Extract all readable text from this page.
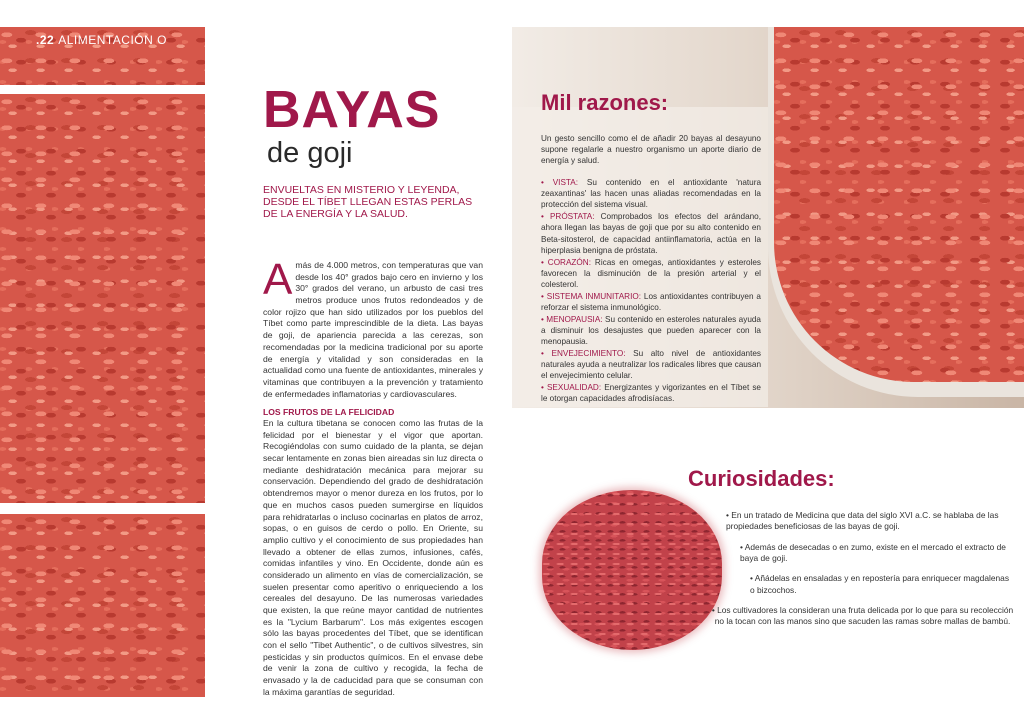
.22 ALIMENTACIÓN O
BAYAS
de goji
ENVUELTAS EN MISTERIO Y LEYENDA, DESDE EL TÍBET LLEGAN ESTAS PERLAS DE LA ENERGÍA Y LA SALUD.
Amás de 4.000 metros, con temperaturas que van desde los 40° grados bajo cero en invierno y los 30° grados del verano, un arbusto de casi tres metros produce unos frutos redondeados y de color rojizo que han sido utilizados por los pueblos del Tíbet como parte imprescindible de la dieta. Las bayas de goji, de apariencia parecida a las cerezas, son recomendadas por la medicina tradicional por su aporte de energía y vitalidad y son consideradas en la actualidad como una fuente de antioxidantes, minerales y vitaminas que contribuyen a la prevención y tratamiento de enfermedades inflamatorias y cardiovasculares.
LOS FRUTOS DE LA FELICIDAD
En la cultura tibetana se conocen como las frutas de la felicidad por el bienestar y el vigor que aportan. Recogiéndolas con sumo cuidado de la planta, se dejan secar lentamente en zonas bien aireadas sin luz directa o mediante deshidratación mecánica para mejorar su conservación. Dependiendo del grado de deshidratación obtendremos mayor o menor dureza en los frutos, por lo que en muchos casos pueden sumergirse en líquidos para rehidratarlas o incluso cocinarlas en platos de arroz, sopas, o en guisos de cerdo o pollo. En Oriente, su amplio cultivo y el conocimiento de sus propiedades han llevado a obtener de ellas zumos, infusiones, cafés, comidas infantiles y vino. En Occidente, donde aún es considerado un alimento en vías de comercialización, se suelen presentar como aperitivo o enriqueciendo a los cereales del desayuno. De las numerosas variedades que existen, la que reúne mayor cantidad de nutrientes es la "Lycium Barbarum". Los más exigentes escogen sólo las bayas procedentes del Tíbet, que se identifican con el sello "Tibet Authentic", o de cultivos silvestres, sin pesticidas y sin productos químicos. En el envase debe de venir la zona de cultivo y recogida, la fecha de envasado y la de caducidad para que se consuman con la máxima garantías de seguridad.
Mil razones:

Un gesto sencillo como el de añadir 20 bayas al desayuno supone regalarle a nuestro organismo un aporte diario de energía y salud.

• VISTA: Su contenido en el antioxidante 'natura zeaxantinas' las hacen unas aliadas recomendadas en la protección del sistema visual.
• PRÓSTATA: Comprobados los efectos del arándano, ahora llegan las bayas de goji que por su alto contenido en Beta-sitosterol, de capacidad antiinflamatoria, actúa en la hiperplasia benigna de próstata.
• CORAZÓN: Ricas en omegas, antioxidantes y esteroles favorecen la disminución de la presión arterial y el colesterol.
• SISTEMA INMUNITARIO: Los antioxidantes contribuyen a reforzar el sistema inmunológico.
• MENOPAUSIA: Su contenido en esteroles naturales ayuda a disminuir los desajustes que pueden aparecer con la menopausia.
• ENVEJECIMIENTO: Su alto nivel de antioxidantes naturales ayuda a neutralizar los radicales libres que causan el envejecimiento celular.
• SEXUALIDAD: Energizantes y vigorizantes en el Tíbet se le otorgan capacidades afrodisíacas.
Curiosidades:
• En un tratado de Medicina que data del siglo XVI a.C. se hablaba de las propiedades beneficiosas de las bayas de goji.
• Además de desecadas o en zumo, existe en el mercado el extracto de baya de goji.
• Añádelas en ensaladas y en repostería para enriquecer magdalenas o bizcochos.
• Los cultivadores la consideran una fruta delicada por lo que para su recolección no la tocan con las manos sino que sacuden las ramas sobre mallas de bambú.
